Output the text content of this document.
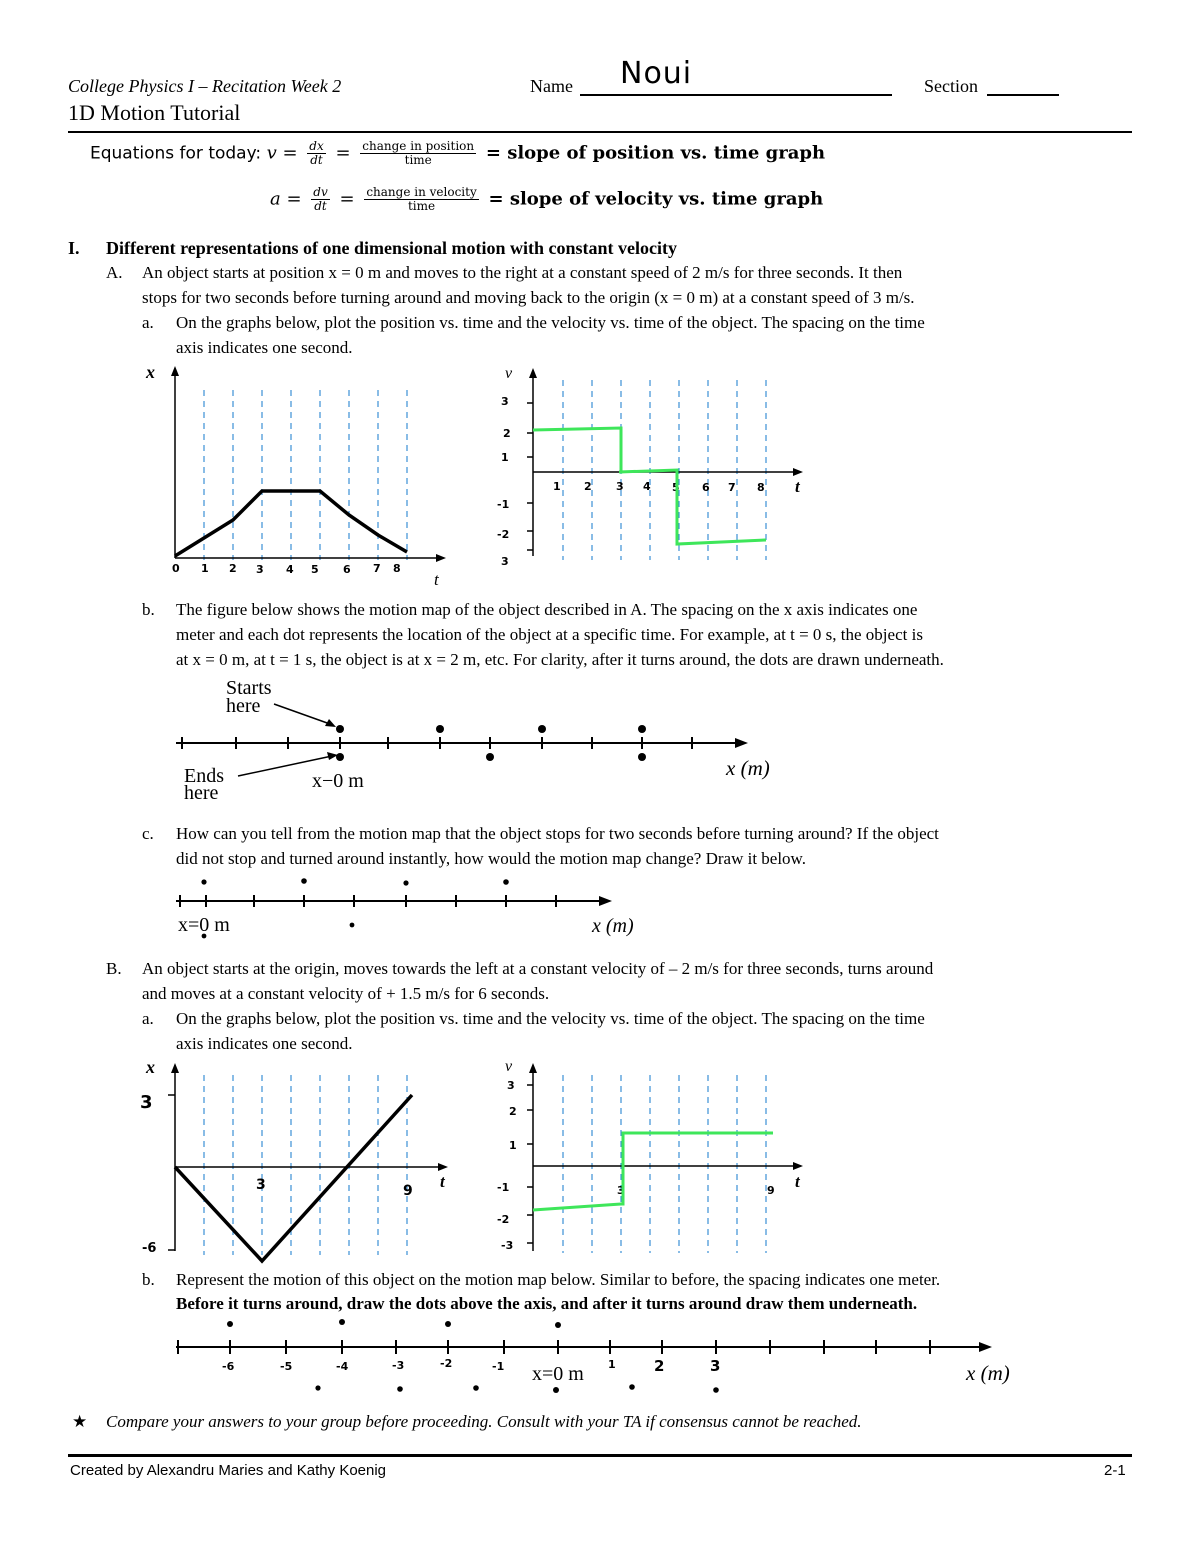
College Physics I – Recitation Week 2	Name Noui	Section
1D Motion Tutorial
Equations for today: $v = \frac{dx}{dt} = \frac{\text{change in position}}{\text{time}}$ = slope of position vs. time graph
$a = \frac{dv}{dt} = \frac{\text{change in velocity}}{\text{time}}$ = slope of velocity vs. time graph
I. Different representations of one dimensional motion with constant velocity
A. An object starts at position x = 0 m and moves to the right at a constant speed of 2 m/s for three seconds. It then
stops for two seconds before turning around and moving back to the origin (x = 0 m) at a constant speed of 3 m/s.
a. On the graphs below, plot the position vs. time and the velocity vs. time of the object. The spacing on the time
axis indicates one second.
x
t
0 1 2 3 4 5 6 7 8
v
t
3
2
1
-1
-2
3
1 2 3 4 5 6 7 8
b. The figure below shows the motion map of the object described in A. The spacing on the x axis indicates one
meter and each dot represents the location of the object at a specific time. For example, at t = 0 s, the object is
at x = 0 m, at t = 1 s, the object is at x = 2 m, etc. For clarity, after it turns around, the dots are drawn underneath.
Starts
here
Ends
here
x−0 m
x (m)
c. How can you tell from the motion map that the object stops for two seconds before turning around? If the object
did not stop and turned around instantly, how would the motion map change? Draw it below.
x=0 m	x (m)
B. An object starts at the origin, moves towards the left at a constant velocity of – 2 m/s for three seconds, turns around
and moves at a constant velocity of + 1.5 m/s for 6 seconds.
a. On the graphs below, plot the position vs. time and the velocity vs. time of the object. The spacing on the time
axis indicates one second.
x
t
3
-6
3	9
v
t
3
2
1
-1
-2
-3
3	9
b. Represent the motion of this object on the motion map below. Similar to before, the spacing indicates one meter.
Before it turns around, draw the dots above the axis, and after it turns around draw them underneath.
-6	-5	-4	-3	-2	-1	1	2	3
x=0 m	x (m)
★ Compare your answers to your group before proceeding. Consult with your TA if consensus cannot be reached.
Created by Alexandru Maries and Kathy Koenig	2-1
